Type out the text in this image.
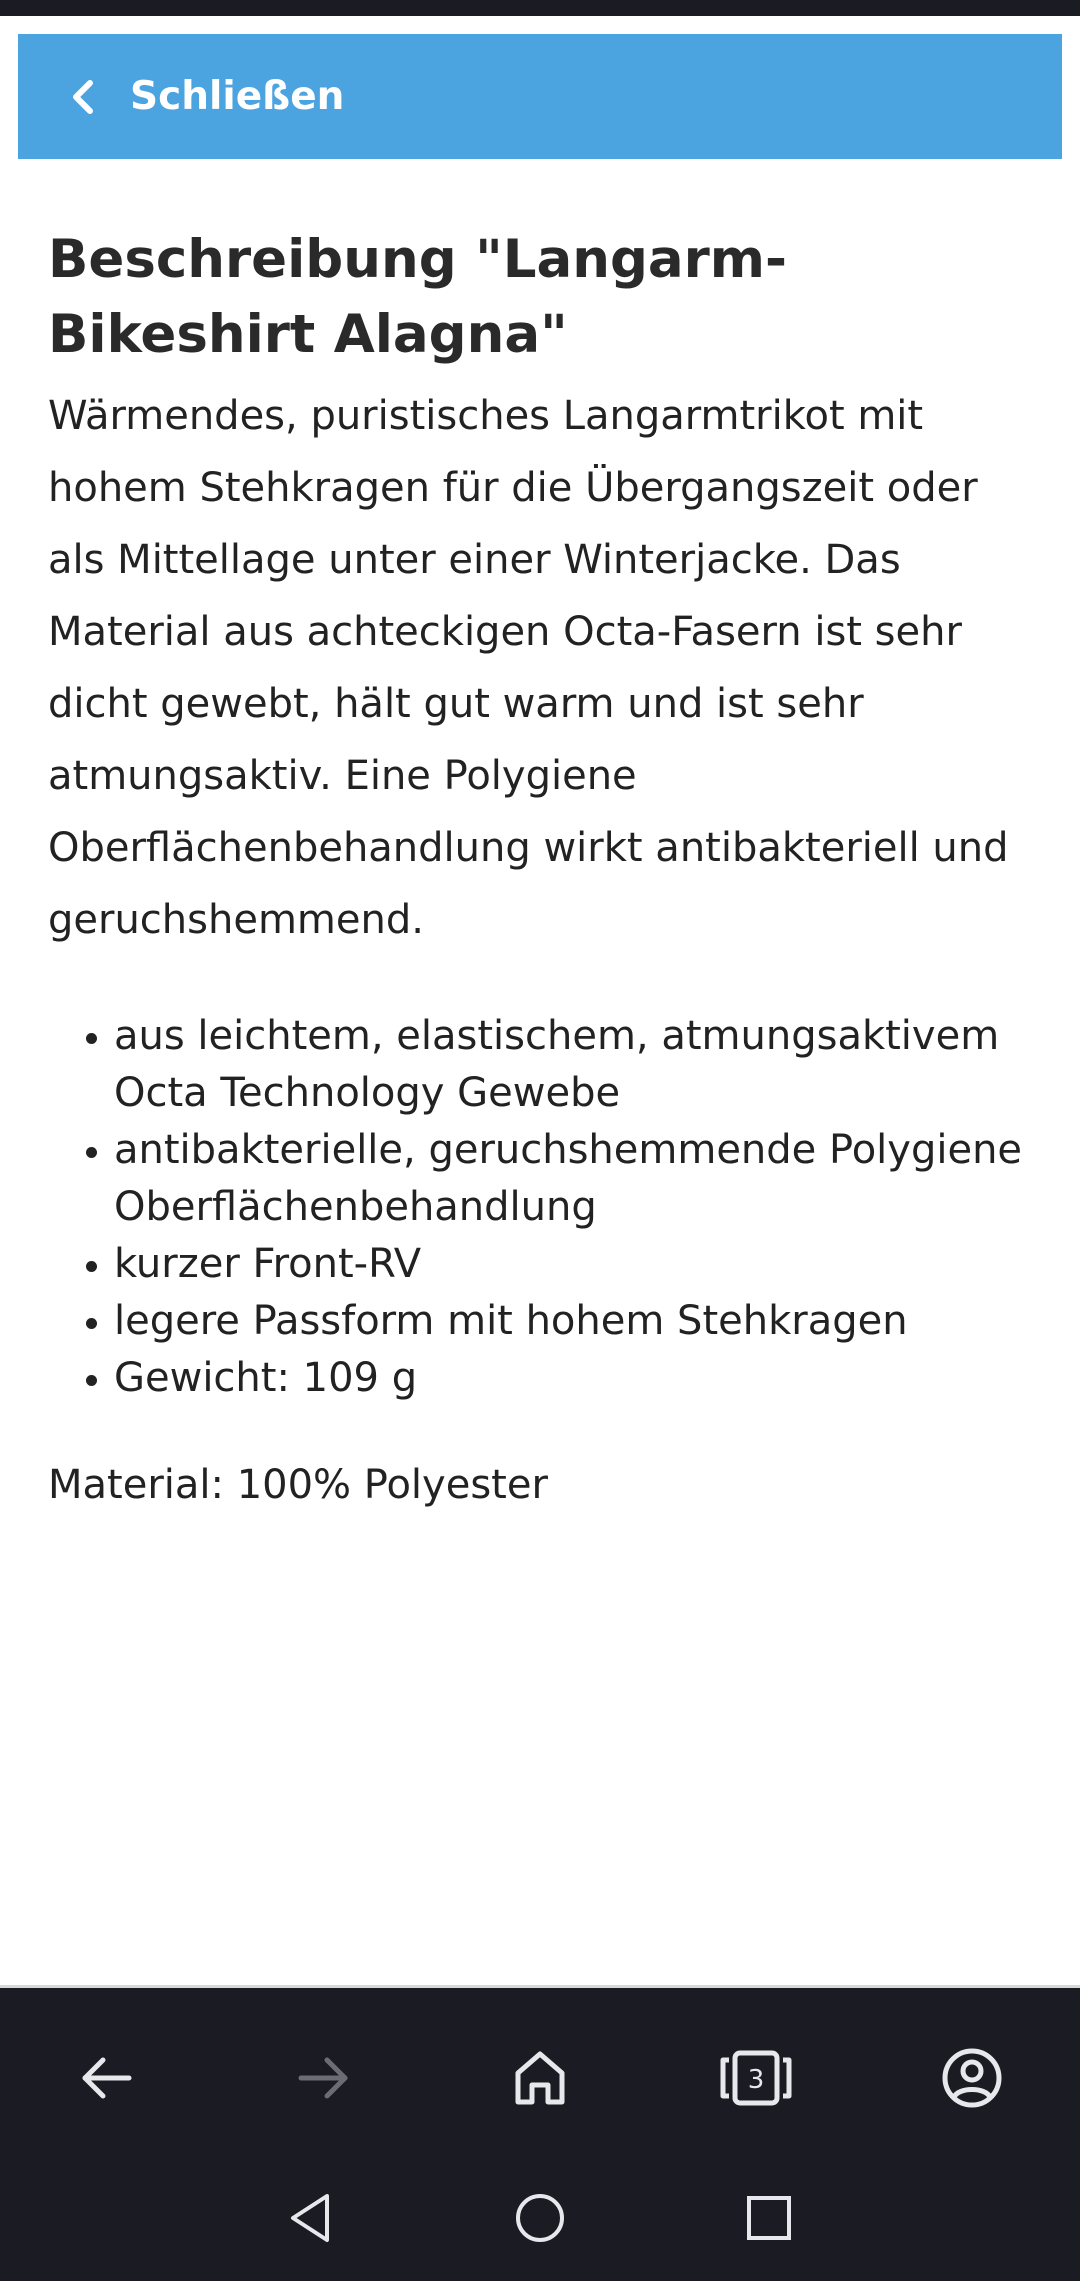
Schließen
Beschreibung "Langarm-Bikeshirt Alagna"

Wärmendes, puristisches Langarmtrikot mit hohem Stehkragen für die Übergangszeit oder als Mittellage unter einer Winterjacke. Das Material aus achteckigen Octa-Fasern ist sehr dicht gewebt, hält gut warm und ist sehr atmungsaktiv. Eine Polygiene Oberflächenbehandlung wirkt antibakteriell und geruchshemmend.

• aus leichtem, elastischem, atmungsaktivem Octa Technology Gewebe
• antibakterielle, geruchshemmende Polygiene Oberflächenbehandlung
• kurzer Front-RV
• legere Passform mit hohem Stehkragen
• Gewicht: 109 g

Material: 100% Polyester

3
